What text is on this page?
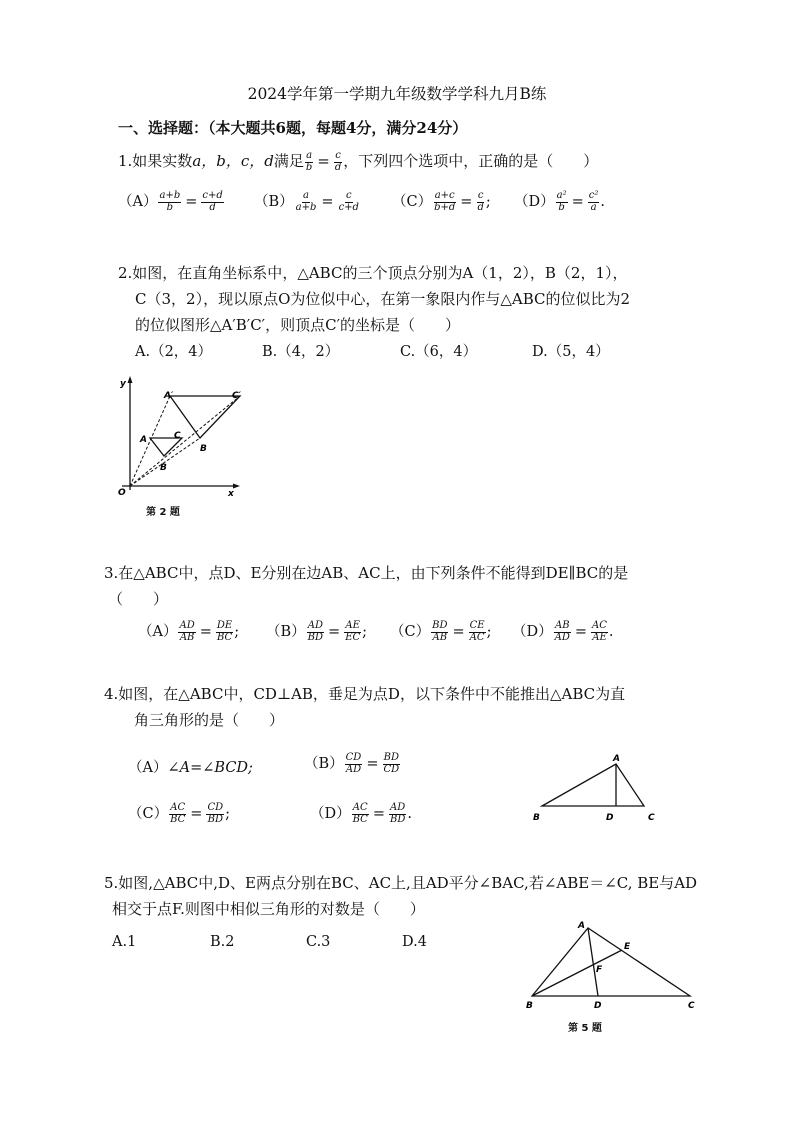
2024学年第一学期九年级数学学科九月B练
一、选择题：（本大题共6题，每题4分，满分24分）
1.如果实数a，b，c，d满足 $\frac{a}{b} = \frac{c}{d}$ ，下列四个选项中，正确的是（　　）
$(A) \frac{a+b}{b} = \frac{c+d}{d} (B) \frac{a}{a+b} = \frac{c}{c+d} (C) \frac{a+c}{b+d} = \frac{c}{d}$ ; $(D) \frac{\text{a²}}{b} = \frac{\text{c²}}{a}$ .
2.如图，在直角坐标系中，△ABC的三个顶点分别为A（1，2），B（2，1），
C（3，2），现以原点O为位似中心，在第一象限内作与△ABC的位似比为2
的位似图形△A′B′C′，则顶点C′的坐标是（　　）
A.（2，4）	B.（4，2）	C.（6，4）	D.（5，4）
y
x
O
A
B
C
A′
B
C′
第 2 题
3.在△ABC中，点D、E分别在边AB、AC上，由下列条件不能得到DE∥BC的是
（　　）
$(A) \frac{AD}{AB} = \frac{DE}{BC}$ ; $(B) \frac{AD}{BD} = \frac{AE}{EC}$ ; $(C) \frac{BD}{AB} = \frac{CE}{AC}$ ; $(D) \frac{AB}{AD} = \frac{AC}{AE}$ .
4.如图，在△ABC中，CD⊥AB，垂足为点D，以下条件中不能推出△ABC为直
角三角形的是（　　）
（A）∠A=∠BCD;	$(B) \frac{CD}{AD} = \frac{BD}{CD}$
$(C) \frac{AC}{BC} = \frac{CD}{BD}$ ;	$(D) \frac{AC}{BC} = \frac{AD}{BD}$ .
A
B	C
D
5.如图,△ABC中,D、E两点分别在BC、AC上,且AD平分∠BAC,若∠ABE＝∠C, BE与AD
相交于点F.则图中相似三角形的对数是（　　）
A.1	B.2	C.3	D.4
A
E
F
B	D	C
第 5 题
